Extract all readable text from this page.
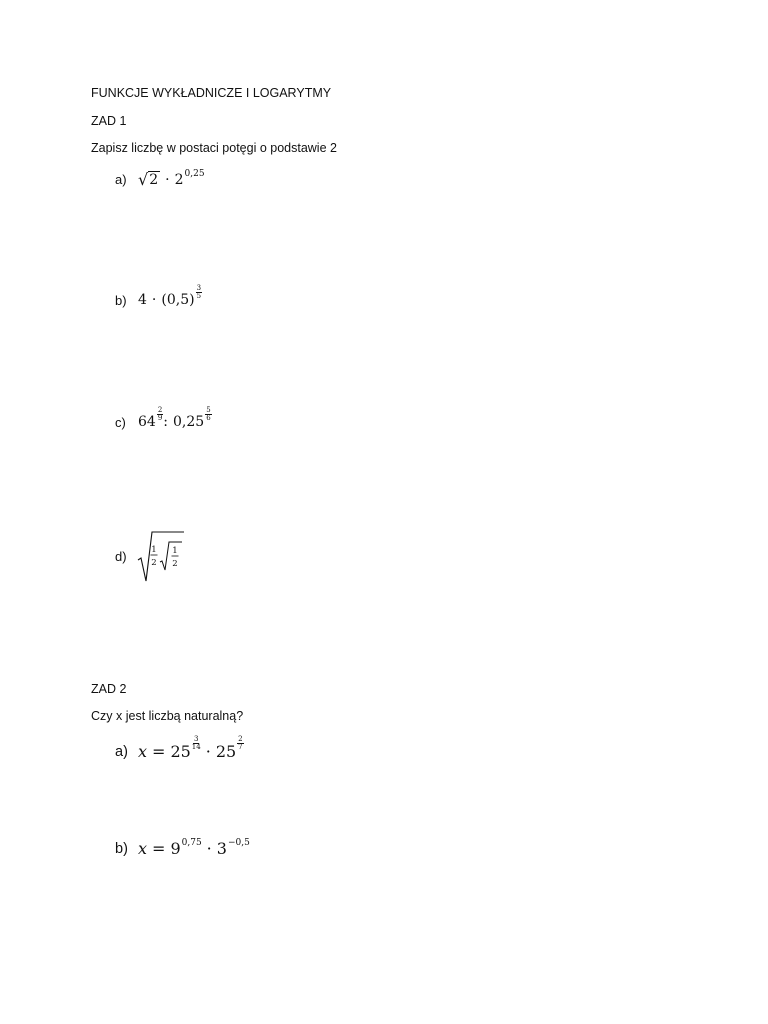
FUNKCJE WYKŁADNICZE I LOGARYTMY
ZAD 1
Zapisz liczbę w postaci potęgi o podstawie 2
a) √ 2 · 2 0,25
b) 4 · (0,5)
3
5
c) 64
2
9 : 0,25
5
6
d)	1
2
1
2
ZAD 2
Czy x jest liczbą naturalną?
a) x = 25
3
14 · 25
2
7
b) x = 9 0,75 · 3 −0,5
